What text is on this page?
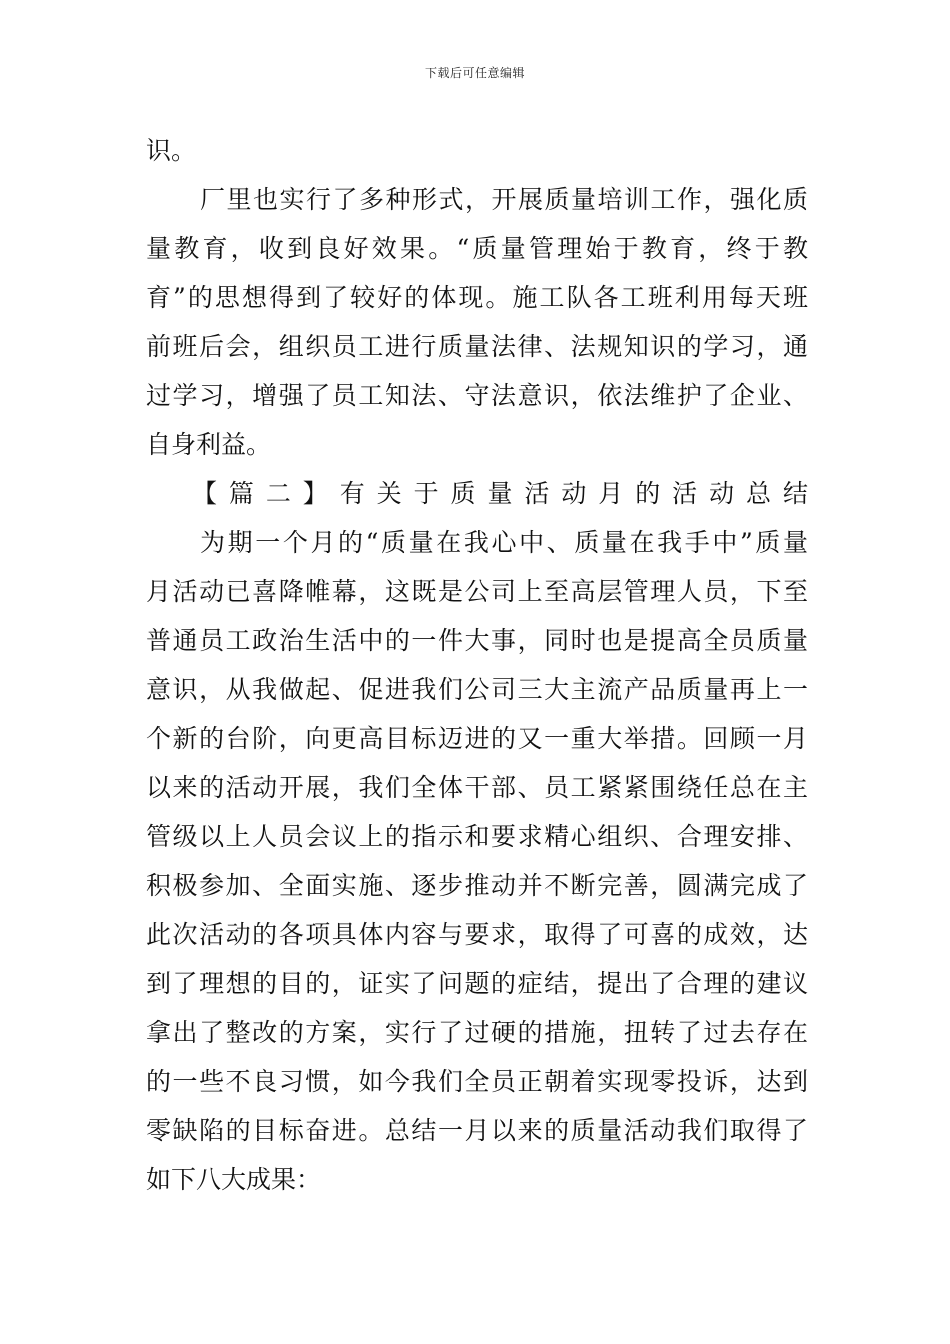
下载后可任意编辑
识。
厂里也实行了多种形式，开展质量培训工作，强化质
量教育，收到良好效果。“质量管理始于教育，终于教
育”的思想得到了较好的体现。施工队各工班利用每天班
前班后会，组织员工进行质量法律、法规知识的学习，通
过学习，增强了员工知法、守法意识，依法维护了企业、
自身利益。
【篇二】有关于质量活动月的活动总结
为期一个月的“质量在我心中、质量在我手中”质量
月活动已喜降帷幕，这既是公司上至高层管理人员，下至
普通员工政治生活中的一件大事，同时也是提高全员质量
意识，从我做起、促进我们公司三大主流产品质量再上一
个新的台阶，向更高目标迈进的又一重大举措。回顾一月
以来的活动开展，我们全体干部、员工紧紧围绕任总在主
管级以上人员会议上的指示和要求精心组织、合理安排、
积极参加、全面实施、逐步推动并不断完善，圆满完成了
此次活动的各项具体内容与要求，取得了可喜的成效，达
到了理想的目的，证实了问题的症结，提出了合理的建议
拿出了整改的方案，实行了过硬的措施，扭转了过去存在
的一些不良习惯，如今我们全员正朝着实现零投诉，达到
零缺陷的目标奋进。总结一月以来的质量活动我们取得了
如下八大成果：
